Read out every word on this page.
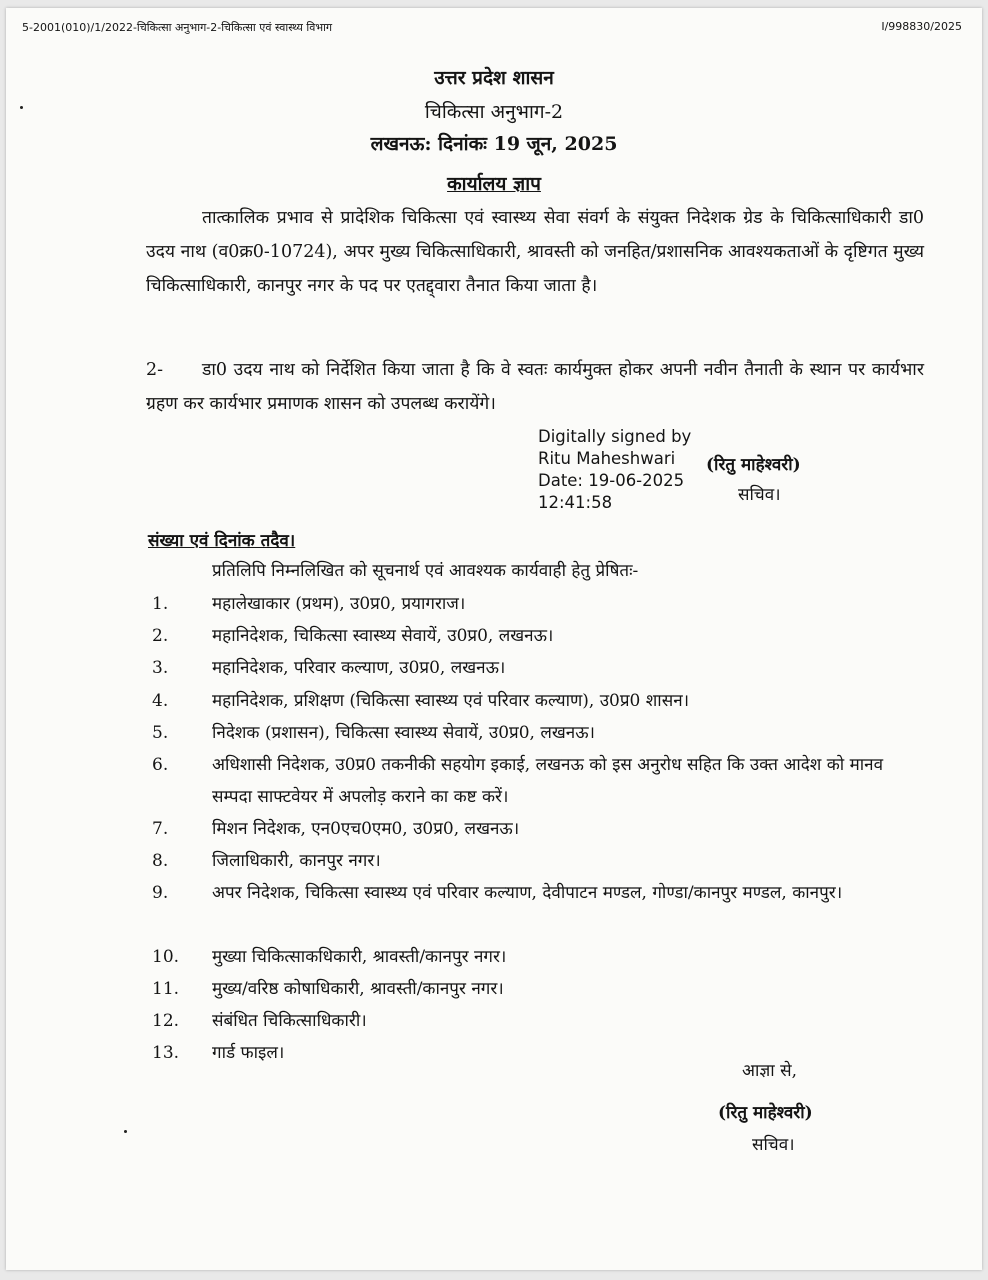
5-2001(010)/1/2022-चिकित्सा अनुभाग-2-चिकित्सा एवं स्वास्थ्य विभाग	I/998830/2025
उत्तर प्रदेश शासन
चिकित्सा अनुभाग-2
लखनऊ: दिनांकः 19 जून, 2025
कार्यालय ज्ञाप
तात्कालिक प्रभाव से प्रादेशिक चिकित्सा एवं स्वास्थ्य सेवा संवर्ग के संयुक्त निदेशक ग्रेड के चिकित्साधिकारी डा0 उदय नाथ (व0क्र0-10724), अपर मुख्य चिकित्साधिकारी, श्रावस्ती को जनहित/प्रशासनिक आवश्यकताओं के दृष्टिगत मुख्य चिकित्साधिकारी, कानपुर नगर के पद पर एतद्द्वारा तैनात किया जाता है।
2- डा0 उदय नाथ को निर्देशित किया जाता है कि वे स्वतः कार्यमुक्त होकर अपनी नवीन तैनाती के स्थान पर कार्यभार ग्रहण कर कार्यभार प्रमाणक शासन को उपलब्ध करायेंगे।
Digitally signed by
Ritu Maheshwari
Date: 19-06-2025
12:41:58
(रितु माहेश्वरी)
सचिव।
संख्या एवं दिनांक तदैव।
प्रतिलिपि निम्नलिखित को सूचनार्थ एवं आवश्यक कार्यवाही हेतु प्रेषितः-
1.	महालेखाकार (प्रथम), उ0प्र0, प्रयागराज।
2.	महानिदेशक, चिकित्सा स्वास्थ्य सेवायें, उ0प्र0, लखनऊ।
3.	महानिदेशक, परिवार कल्याण, उ0प्र0, लखनऊ।
4.	महानिदेशक, प्रशिक्षण (चिकित्सा स्वास्थ्य एवं परिवार कल्याण), उ0प्र0 शासन।
5.	निदेशक (प्रशासन), चिकित्सा स्वास्थ्य सेवायें, उ0प्र0, लखनऊ।
6.	अधिशासी निदेशक, उ0प्र0 तकनीकी सहयोग इकाई, लखनऊ को इस अनुरोध सहित कि उक्त आदेश को मानव सम्पदा साफ्टवेयर में अपलोड़ कराने का कष्ट करें।
7.	मिशन निदेशक, एन0एच0एम0, उ0प्र0, लखनऊ।
8.	जिलाधिकारी, कानपुर नगर।
9.	अपर निदेशक, चिकित्सा स्वास्थ्य एवं परिवार कल्याण, देवीपाटन मण्डल, गोण्डा/कानपुर मण्डल, कानपुर।
10. मुख्या चिकित्साकधिकारी, श्रावस्ती/कानपुर नगर।
11. मुख्य/वरिष्ठ कोषाधिकारी, श्रावस्ती/कानपुर नगर।
12. संबंधित चिकित्साधिकारी।
13. गार्ड फाइल।
आज्ञा से,
(रितु माहेश्वरी)
सचिव।
